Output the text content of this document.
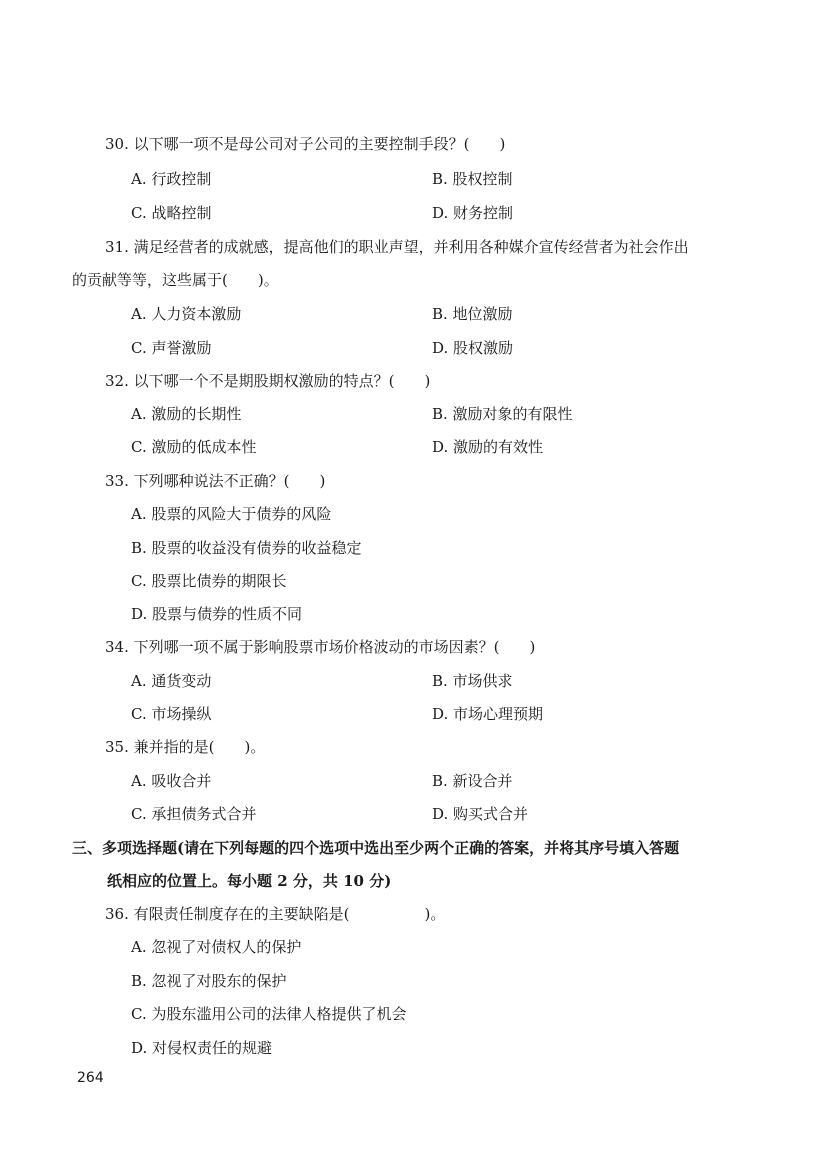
30. 以下哪一项不是母公司对子公司的主要控制手段？(　　)
A. 行政控制	B. 股权控制
C. 战略控制	D. 财务控制
31. 满足经营者的成就感，提高他们的职业声望，并利用各种媒介宣传经营者为社会作出
的贡献等等，这些属于(　　)。
A. 人力资本激励	B. 地位激励
C. 声誉激励	D. 股权激励
32. 以下哪一个不是期股期权激励的特点？(　　)
A. 激励的长期性	B. 激励对象的有限性
C. 激励的低成本性	D. 激励的有效性
33. 下列哪种说法不正确？(　　)
A. 股票的风险大于债券的风险
B. 股票的收益没有债券的收益稳定
C. 股票比债券的期限长
D. 股票与债券的性质不同
34. 下列哪一项不属于影响股票市场价格波动的市场因素？(　　)
A. 通货变动	B. 市场供求
C. 市场操纵	D. 市场心理预期
35. 兼并指的是(　　)。
A. 吸收合并	B. 新设合并
C. 承担债务式合并	D. 购买式合并
三、多项选择题(请在下列每题的四个选项中选出至少两个正确的答案，并将其序号填入答题
纸相应的位置上。每小题 2 分，共 10 分)
36. 有限责任制度存在的主要缺陷是(　　　　　)。
A. 忽视了对债权人的保护
B. 忽视了对股东的保护
C. 为股东滥用公司的法律人格提供了机会
D. 对侵权责任的规避
264
